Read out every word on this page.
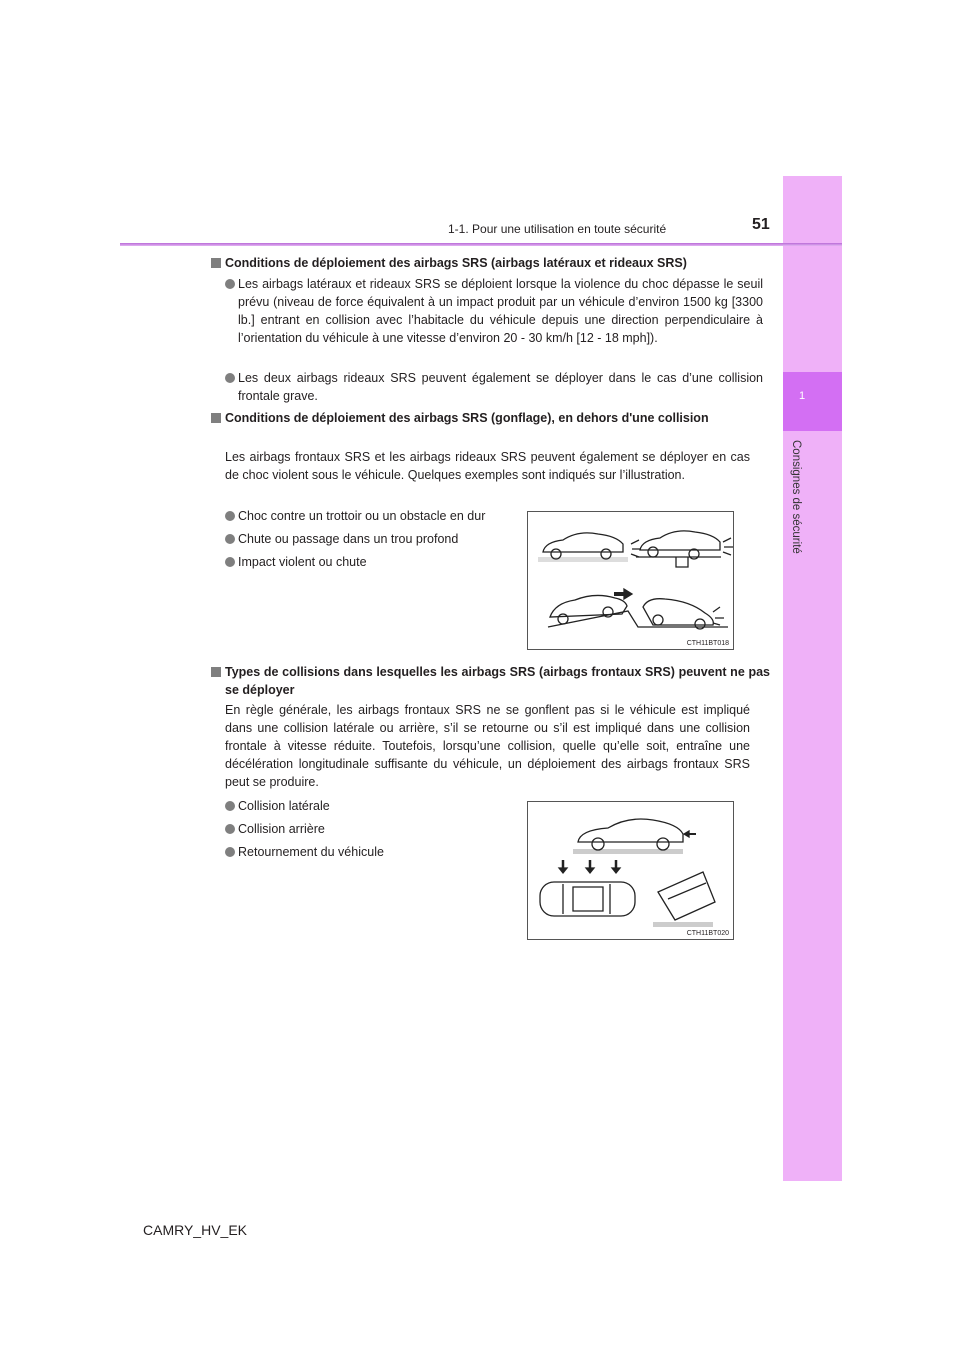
1
Consignes de sécurité
1-1. Pour une utilisation en toute sécurité	51
Conditions de déploiement des airbags SRS (airbags latéraux et rideaux SRS)
Les airbags latéraux et rideaux SRS se déploient lorsque la violence du choc dépasse le seuil prévu (niveau de force équivalent à un impact produit par un véhicule d’environ 1500 kg [3300 lb.] entrant en collision avec l’habitacle du véhicule depuis une direction perpendiculaire à l’orientation du véhicule à une vitesse d’environ 20 - 30 km/h [12 - 18 mph]).
Les deux airbags rideaux SRS peuvent également se déployer dans le cas d’une collision frontale grave.
Conditions de déploiement des airbags SRS (gonflage), en dehors d'une collision
Les airbags frontaux SRS et les airbags rideaux SRS peuvent également se déployer en cas de choc violent sous le véhicule. Quelques exemples sont indiqués sur l’illustration.
Choc contre un trottoir ou un obstacle en dur
Chute ou passage dans un trou profond
Impact violent ou chute
CTH11BT018
Types de collisions dans lesquelles les airbags SRS (airbags frontaux SRS) peuvent ne pas se déployer
En règle générale, les airbags frontaux SRS ne se gonflent pas si le véhicule est impliqué dans une collision latérale ou arrière, s’il se retourne ou s’il est impliqué dans une collision frontale à vitesse réduite. Toutefois, lorsqu’une collision, quelle qu’elle soit, entraîne une décélération longitudinale suffisante du véhicule, un déploiement des airbags frontaux SRS peut se produire.
Collision latérale
Collision arrière
Retournement du véhicule
CTH11BT020
CAMRY_HV_EK
